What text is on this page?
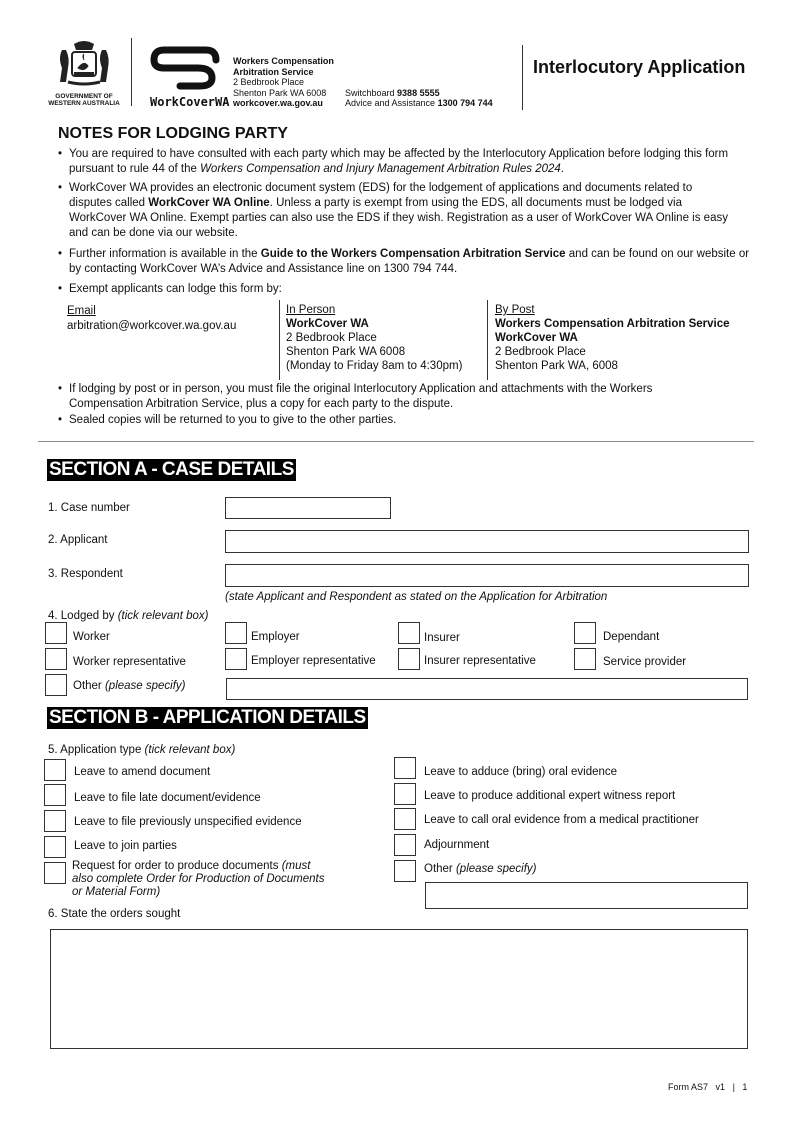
GOVERNMENT OF
WESTERN AUSTRALIA	WorkCoverWA
Workers Compensation
Arbitration Service
2 Bedbrook Place
Shenton Park WA 6008 Switchboard 9388 5555
workcover.wa.gov.au Advice and Assistance 1300 794 744
Interlocutory Application
NOTES FOR LODGING PARTY
• You are required to have consulted with each party which may be affected by the Interlocutory Application before lodging this form pursuant to rule 44 of the Workers Compensation and Injury Management Arbitration Rules 2024.
• WorkCover WA provides an electronic document system (EDS) for the lodgement of applications and documents related to disputes called WorkCover WA Online. Unless a party is exempt from using the EDS, all documents must be lodged via WorkCover WA Online. Exempt parties can also use the EDS if they wish. Registration as a user of WorkCover WA Online is easy and can be done via our website.
• Further information is available in the Guide to the Workers Compensation Arbitration Service and can be found on our website or by contacting WorkCover WA’s Advice and Assistance line on 1300 794 744.
• Exempt applicants can lodge this form by:
Email
arbitration@workcover.wa.gov.au
In Person
WorkCover WA
2 Bedbrook Place
Shenton Park WA 6008
(Monday to Friday 8am to 4:30pm)
By Post
Workers Compensation Arbitration Service
WorkCover WA
2 Bedbrook Place
Shenton Park WA, 6008
• If lodging by post or in person, you must file the original Interlocutory Application and attachments with the Workers Compensation Arbitration Service, plus a copy for each party to the dispute.
• Sealed copies will be returned to you to give to the other parties.
SECTION A - CASE DETAILS
1. Case number
2. Applicant
3. Respondent
(state Applicant and Respondent as stated on the Application for Arbitration
4. Lodged by (tick relevant box)
Worker	Employer	Insurer	Dependant
Worker representative	Employer representative	Insurer representative	Service provider
Other (please specify)
SECTION B - APPLICATION DETAILS
5. Application type (tick relevant box)
Leave to amend document
Leave to file late document/evidence
Leave to file previously unspecified evidence
Leave to join parties
Request for order to produce documents (must also complete Order for Production of Documents or Material Form)
Leave to adduce (bring) oral evidence
Leave to produce additional expert witness report
Leave to call oral evidence from a medical practitioner
Adjournment
Other (please specify)
6. State the orders sought
Form AS7 v1 | 1
